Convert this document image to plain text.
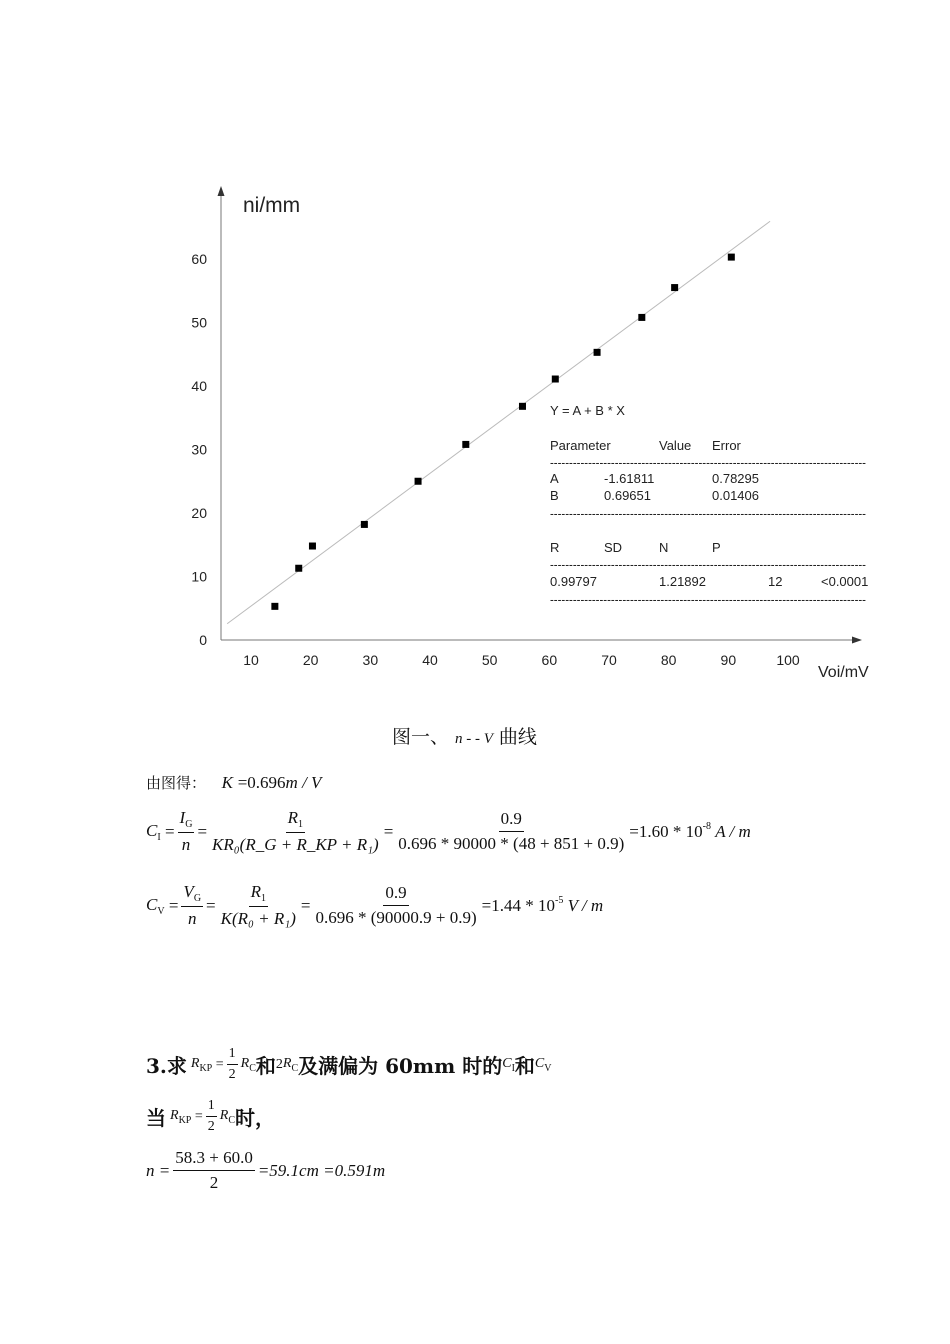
ni/mm
Voi/mV
0
10
20
30
40
50
60
10	20	30	40	50	60	70	80	90	100
Y = A + B * X
Parameter	Value Error
-----------------------------------------------------------------------------------
A	-1.61811	0.78295
B	0.69651	0.01406
-----------------------------------------------------------------------------------
R	SD	N	P
-----------------------------------------------------------------------------------
0.99797	1.21892	12	<0.0001
-----------------------------------------------------------------------------------
图一、 n - - V 曲线
由图得： K =0.696m / V
$C_I = \frac{I_G}{n} = \frac{R_1}{\text{KR₀(R\_G + R\_KP + R₁)}} = \frac{0.9}{0.696 * 90000 * (48 + 851 + 0.9)} =1.60 * 10^{-8}$ A / m
$C_V = \frac{V_G}{n} = \frac{R_1}{\text{K(R₀ + R₁)}} = \frac{0.9}{0.696 * (90000.9 + 0.9)} =1.44 * 10^{-5}$ V / m
3.求 $R_{KP} = \frac{1}{2} R_C$ 和 2 $R_C$ 及满偏为 60mm 时的 $C_I$ 和 $C_V$
当 $R_{KP} = \frac{1}{2} R_C$ 时，
$n = \frac{58.3 + 60.0}{2} =59.1cm =0.591m$
